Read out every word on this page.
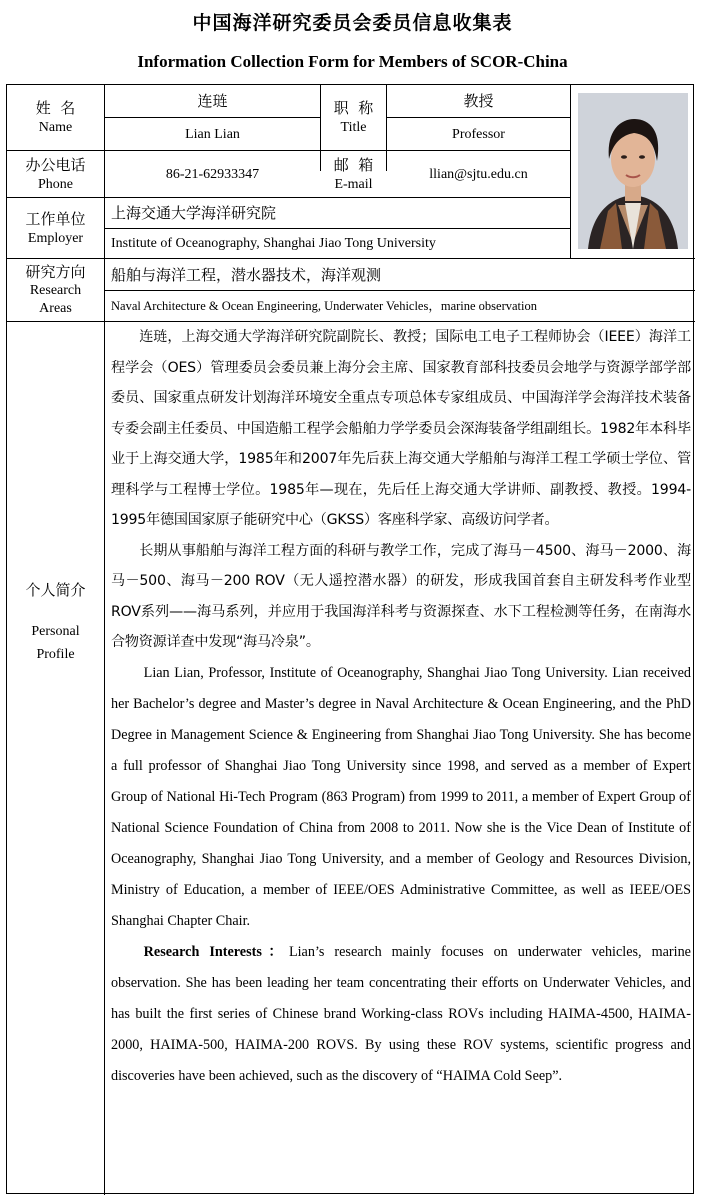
中国海洋研究委员会委员信息收集表
Information Collection Form for Members of SCOR-China
姓  名
Name
连琏
Lian Lian
职  称
Title
教授
Professor
办公电话
Phone
86-21-62933347
邮  箱
E-mail
llian@sjtu.edu.cn
工作单位
Employer
上海交通大学海洋研究院
Institute of Oceanography, Shanghai Jiao Tong University
研究方向
Research
Areas
船舶与海洋工程，潜水器技术，海洋观测
Naval Architecture & Ocean Engineering, Underwater Vehicles，marine observation
个人简介
Personal
Profile

连琏，上海交通大学海洋研究院副院长、教授；国际电工电子工程师协会（IEEE）海洋工程学会（OES）管理委员会委员兼上海分会主席、国家教育部科技委员会地学与资源学部学部委员、国家重点研发计划海洋环境安全重点专项总体专家组成员、中国海洋学会海洋技术装备专委会副主任委员、中国造船工程学会船舶力学学委员会深海装备学组副组长。1982年本科毕业于上海交通大学，1985年和2007年先后获上海交通大学船舶与海洋工程工学硕士学位、管理科学与工程博士学位。1985年—现在，先后任上海交通大学讲师、副教授、教授。1994-1995年德国国家原子能研究中心（GKSS）客座科学家、高级访问学者。

长期从事船舶与海洋工程方面的科研与教学工作，完成了海马－4500、海马－2000、海马－500、海马－200 ROV（无人遥控潜水器）的研发，形成我国首套自主研发科考作业型ROV系列——海马系列，并应用于我国海洋科考与资源探查、水下工程检测等任务，在南海水合物资源详查中发现“海马冷泉”。

Lian Lian, Professor, Institute of Oceanography, Shanghai Jiao Tong University. Lian received her Bachelor’s degree and Master’s degree in Naval Architecture & Ocean Engineering, and the PhD Degree in Management Science & Engineering from Shanghai Jiao Tong University. She has become a full professor of Shanghai Jiao Tong University since 1998, and served as a member of Expert Group of National Hi-Tech Program (863 Program) from 1999 to 2011, a member of Expert Group of National Science Foundation of China from 2008 to 2011. Now she is the Vice Dean of Institute of Oceanography, Shanghai Jiao Tong University, and a member of Geology and Resources Division, Ministry of Education, a member of IEEE/OES Administrative Committee, as well as IEEE/OES Shanghai Chapter Chair.

Research Interests：Lian’s research mainly focuses on underwater vehicles, marine observation. She has been leading her team concentrating their efforts on Underwater Vehicles, and has built the first series of Chinese brand Working-class ROVs including HAIMA-4500, HAIMA-2000, HAIMA-500, HAIMA-200 ROVS. By using these ROV systems, scientific progress and discoveries have been achieved, such as the discovery of “HAIMA Cold Seep”.
